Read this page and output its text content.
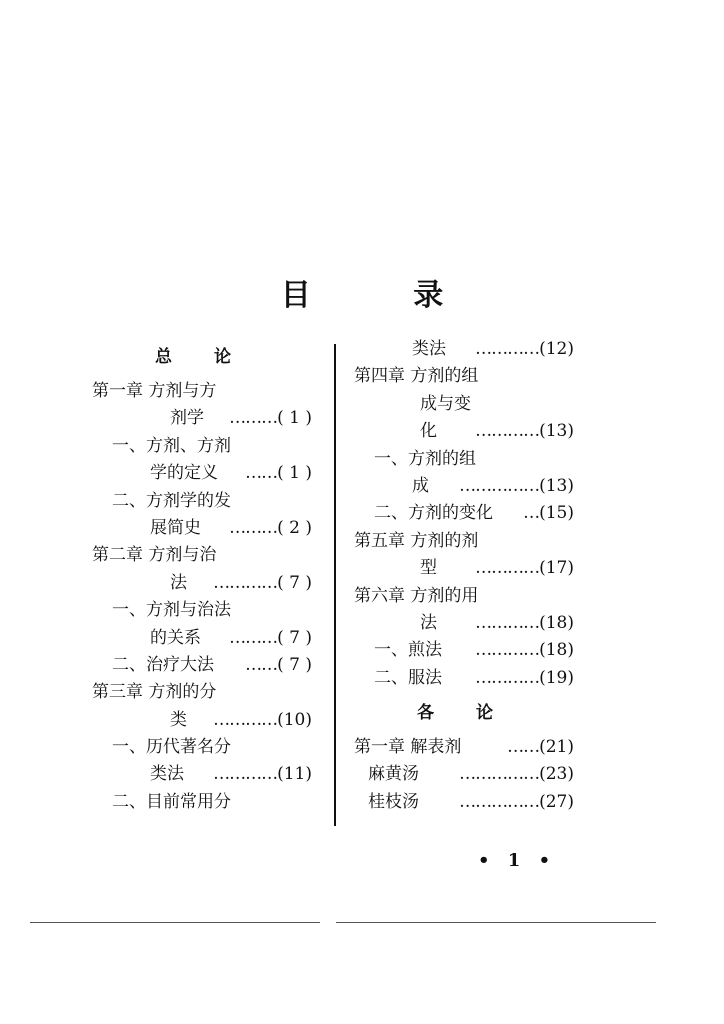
目 录
总 论
第一章 方剂与方
剂学 ………( 1 )
一、方剂、方剂
学的定义 ……( 1 )
二、方剂学的发
展简史 ………( 2 )
第二章 方剂与治
法 …………( 7 )
一、方剂与治法
的关系 ………( 7 )
二、治疗大法 ……( 7 )
第三章 方剂的分
类 …………(10)
一、历代著名分
类法 …………(11)
二、目前常用分
类法 …………(12)
第四章 方剂的组
成与变
化 …………(13)
一、方剂的组
成 ……………(13)
二、方剂的变化 …(15)
第五章 方剂的剂
型 …………(17)
第六章 方剂的用
法 …………(18)
一、煎法 …………(18)
二、服法 …………(19)
各 论
第一章 解表剂	……(21)
麻黄汤 ……………(23)
桂枝汤 ……………(27)
• 1 •
